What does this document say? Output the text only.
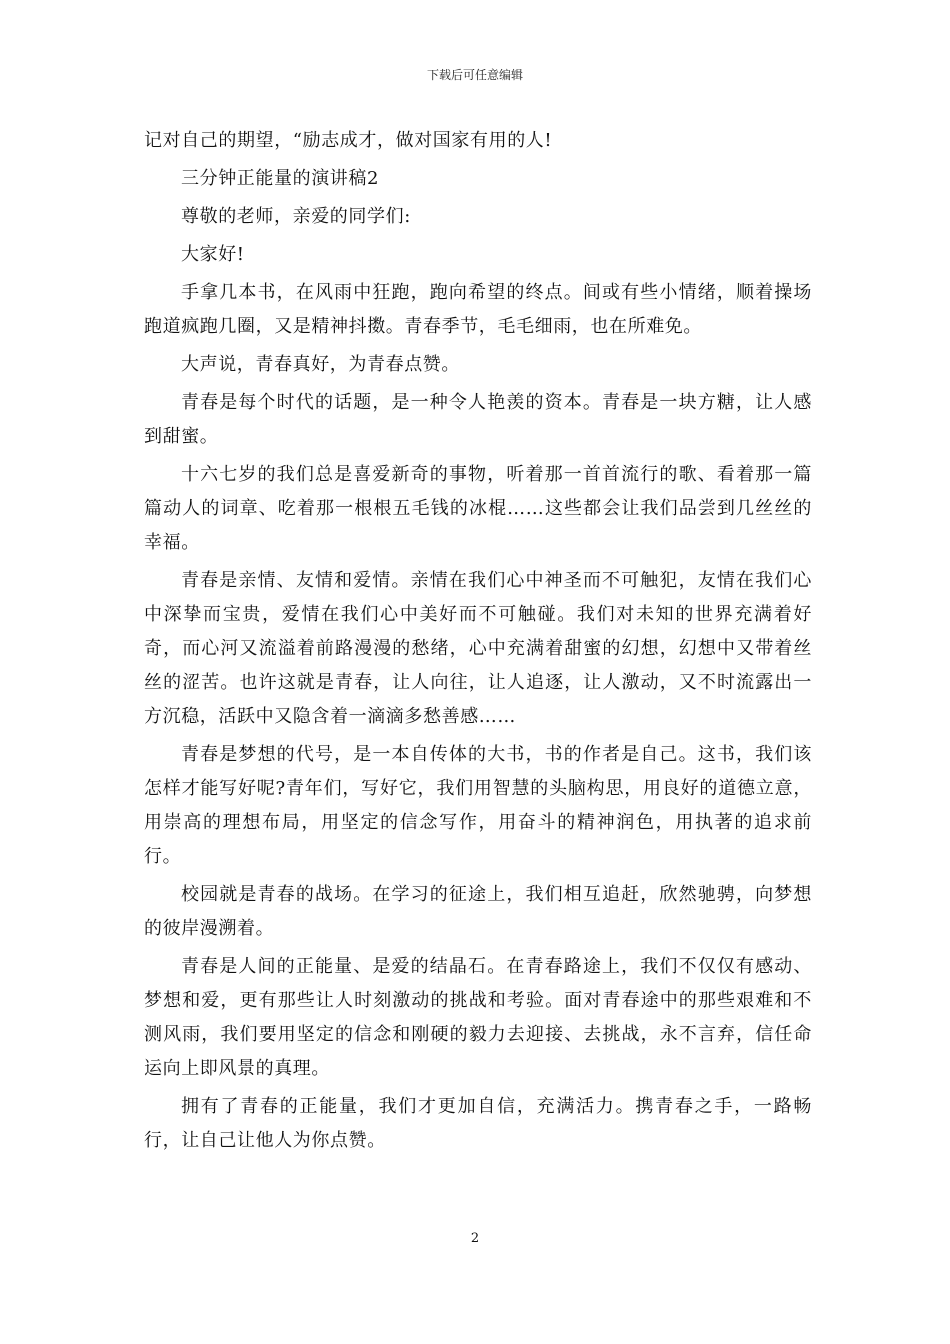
下载后可任意编辑

记对自己的期望，“励志成才，做对国家有用的人!

三分钟正能量的演讲稿2

尊敬的老师，亲爱的同学们:

大家好!

手拿几本书，在风雨中狂跑，跑向希望的终点。间或有些小情绪，顺着操场跑道疯跑几圈，又是精神抖擞。青春季节，毛毛细雨，也在所难免。

大声说，青春真好，为青春点赞。

青春是每个时代的话题，是一种令人艳羡的资本。青春是一块方糖，让人感到甜蜜。

十六七岁的我们总是喜爱新奇的事物，听着那一首首流行的歌、看着那一篇篇动人的词章、吃着那一根根五毛钱的冰棍……这些都会让我们品尝到几丝丝的幸福。

青春是亲情、友情和爱情。亲情在我们心中神圣而不可触犯，友情在我们心中深挚而宝贵，爱情在我们心中美好而不可触碰。我们对未知的世界充满着好奇，而心河又流溢着前路漫漫的愁绪，心中充满着甜蜜的幻想，幻想中又带着丝丝的涩苦。也许这就是青春，让人向往，让人追逐，让人激动，又不时流露出一方沉稳，活跃中又隐含着一滴滴多愁善感……

青春是梦想的代号，是一本自传体的大书，书的作者是自己。这书，我们该怎样才能写好呢?青年们，写好它，我们用智慧的头脑构思，用良好的道德立意，用崇高的理想布局，用坚定的信念写作，用奋斗的精神润色，用执著的追求前行。

校园就是青春的战场。在学习的征途上，我们相互追赶，欣然驰骋，向梦想的彼岸漫溯着。

青春是人间的正能量、是爱的结晶石。在青春路途上，我们不仅仅有感动、梦想和爱，更有那些让人时刻激动的挑战和考验。面对青春途中的那些艰难和不测风雨，我们要用坚定的信念和刚硬的毅力去迎接、去挑战，永不言弃，信任命运向上即风景的真理。

拥有了青春的正能量，我们才更加自信，充满活力。携青春之手，一路畅行，让自己让他人为你点赞。

2
